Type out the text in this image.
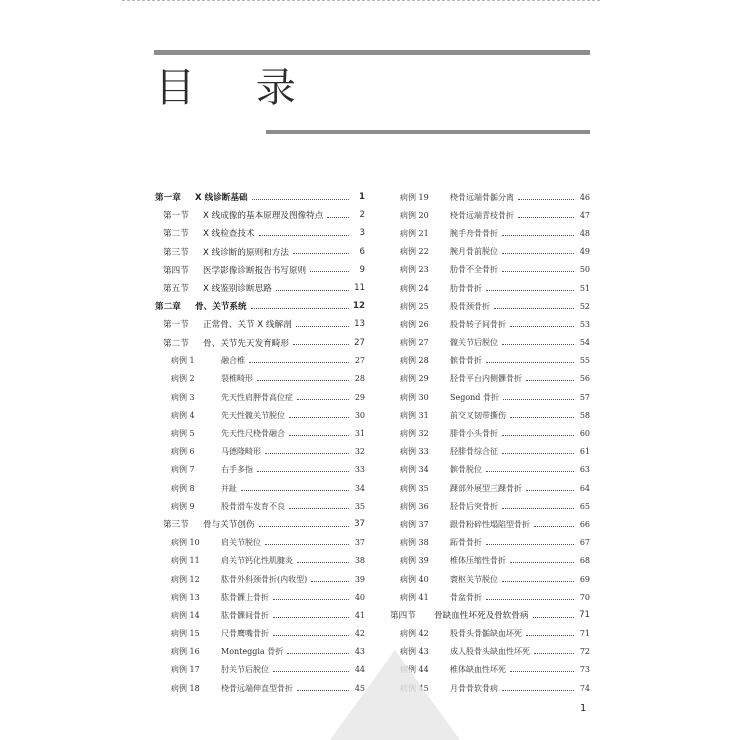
目 录
第一章	X 线诊断基础	1
第一节	X 线成像的基本原理及图像特点	2
第二节	X 线检查技术	3
第三节	X 线诊断的原则和方法	6
第四节	医学影像诊断报告书写原则	9
第五节	X 线鉴别诊断思路	11
第二章	骨、关节系统	12
第一节	正常骨、关节 X 线解剖	13
第二节	骨、关节先天发育畸形	27
病例 1	融合椎	27
病例 2	裂椎畸形	28
病例 3	先天性肩胛骨高位症	29
病例 4	先天性髋关节脱位	30
病例 5	先天性尺桡骨融合	31
病例 6	马德隆畸形	32
病例 7	右手多指	33
病例 8	并趾	34
病例 9	股骨滑车发育不良	35
第三节	骨与关节创伤	37
病例 10	肩关节脱位	37
病例 11	肩关节钙化性肌腱炎	38
病例 12	肱骨外科颈骨折(内收型)	39
病例 13	肱骨髁上骨折	40
病例 14	肱骨髁间骨折	41
病例 15	尺骨鹰嘴骨折	42
病例 16	Monteggia 骨折	43
病例 17	肘关节后脱位	44
病例 18	桡骨远端伸直型骨折	45
病例 19	桡骨远端骨骺分离	46
病例 20	桡骨远端青枝骨折	47
病例 21	腕手舟骨骨折	48
病例 22	腕月骨前脱位	49
病例 23	肋骨不全骨折	50
病例 24	肋骨骨折	51
病例 25	股骨颈骨折	52
病例 26	股骨转子间骨折	53
病例 27	髋关节后脱位	54
病例 28	髌骨骨折	55
病例 29	胫骨平台内侧髁骨折	56
病例 30	Segond 骨折	57
病例 31	前交叉韧带撕伤	58
病例 32	腓骨小头骨折	60
病例 33	胫腓骨综合征	61
病例 34	髌骨脱位	63
病例 35	踝部外展型三踝骨折	64
病例 36	胫骨后突骨折	65
病例 37	跟骨粉碎性塌陷型骨折	66
病例 38	跖骨骨折	67
病例 39	椎体压缩性骨折	68
病例 40	寰枢关节脱位	69
病例 41	骨盆骨折	70
第四节	骨缺血性坏死及骨软骨病	71
病例 42	股骨头骨骺缺血坏死	71
病例 43	成人股骨头缺血性坏死	72
病例 44	椎体缺血性坏死	73
病例 45	月骨骨软骨病	74
1
